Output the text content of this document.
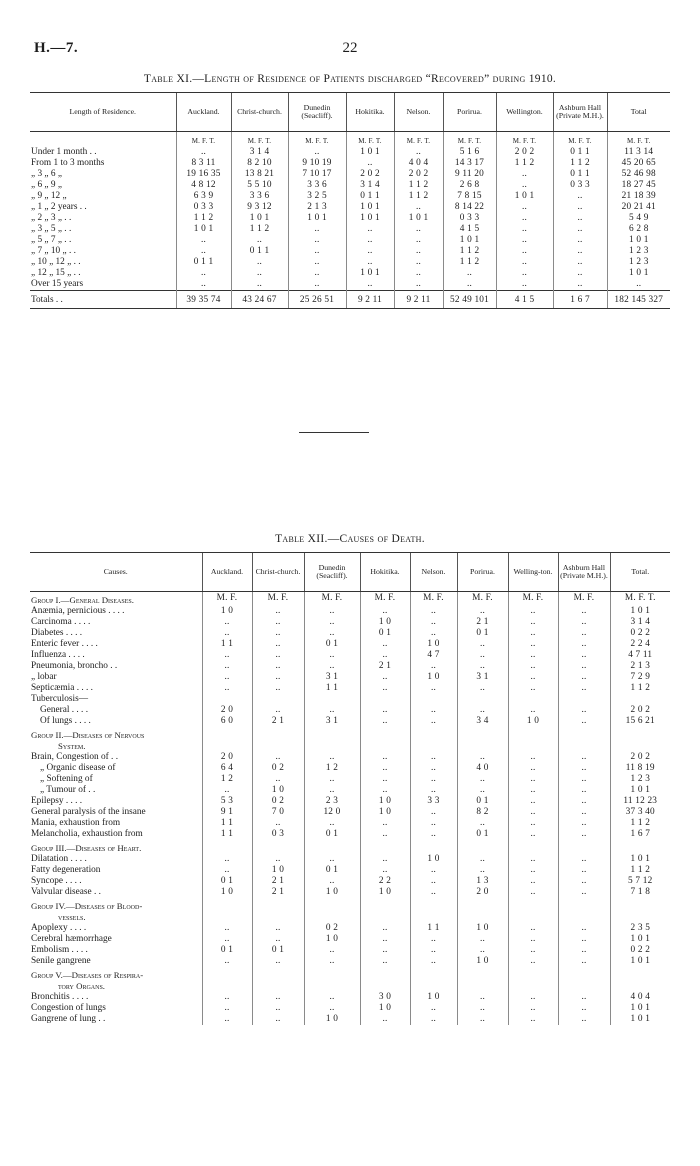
H.—7.	22
Table XI.—Length of Residence of Patients discharged “Recovered” during 1910.
Length of Residence.	Auckland.	Christ-church.	Dunedin (Seacliff).	Hokitika.	Nelson.	Porirua.	Wellington.	Ashburn Hall (Private M.H.).	Total
	M. F. T.	M. F. T.	M. F. T.	M. F. T.	M. F. T.	M. F. T.	M. F. T.	M. F. T.	M. F. T.
Under 1 month . .	..	3 1 4	..	1 0 1	..	5 1 6	2 0 2	0 1 1	11 3 14
From 1 to 3 months	8 3 11	8 2 10	9 10 19	..	4 0 4	14 3 17	1 1 2	1 1 2	45 20 65
„ 3 „ 6 „	19 16 35	13 8 21	7 10 17	2 0 2	2 0 2	9 11 20	..	0 1 1	52 46 98
„ 6 „ 9 „	4 8 12	5 5 10	3 3 6	3 1 4	1 1 2	2 6 8	..	0 3 3	18 27 45
„ 9 „ 12 „	6 3 9	3 3 6	3 2 5	0 1 1	1 1 2	7 8 15	1 0 1	..	21 18 39
„ 1 „ 2 years . .	0 3 3	9 3 12	2 1 3	1 0 1	..	8 14 22	..	..	20 21 41
„ 2 „ 3 „ . .	1 1 2	1 0 1	1 0 1	1 0 1	1 0 1	0 3 3	..	..	5 4 9
„ 3 „ 5 „ . .	1 0 1	1 1 2	..	..	..	4 1 5	..	..	6 2 8
„ 5 „ 7 „ . .	..	..	..	..	..	1 0 1	..	..	1 0 1
„ 7 „ 10 „ . .	..	0 1 1	..	..	..	1 1 2	..	..	1 2 3
„ 10 „ 12 „ . .	0 1 1	..	..	..	..	1 1 2	..	..	1 2 3
„ 12 „ 15 „ . .	..	..	..	1 0 1	..	..	..	..	1 0 1
Over 15 years	..	..	..	..	..	..	..	..	..
Totals . .	39 35 74	43 24 67	25 26 51	9 2 11	9 2 11	52 49 101	4 1 5	1 6 7	182 145 327
Table XII.—Causes of Death.
Causes.	Auckland.	Christ-church.	Dunedin (Seacliff).	Hokitika.	Nelson.	Porirua.	Welling-ton.	Ashburn Hall (Private M.H.).	Total.
Group I.—General Diseases.	M. F.	M. F.	M. F.	M. F.	M. F.	M. F.	M. F.	M. F.	M. F. T.
Anæmia, pernicious . . . .	1 0	..	..	..	..	..	..	..	1 0 1
Carcinoma . . . .	..	..	..	1 0	..	2 1	..	..	3 1 4
Diabetes . . . .	..	..	..	0 1	..	0 1	..	..	0 2 2
Enteric fever . . . .	1 1	..	0 1	..	1 0	..	..	..	2 2 4
Influenza . . . .	..	..	..	..	4 7	..	..	..	4 7 11
Pneumonia, broncho . .	..	..	..	2 1	..	..	..	..	2 1 3
„ lobar	..	..	3 1	..	1 0	3 1	..	..	7 2 9
Septicæmia . . . .	..	..	1 1	..	..	..	..	..	1 1 2
Tuberculosis—									
General . . . .	2 0	..	..	..	..	..	..	..	2 0 2
Of lungs . . . .	6 0	2 1	3 1	..	..	3 4	1 0	..	15 6 21
Group II.—Diseases of Nervous									
System.									
Brain, Congestion of . .	2 0	..	..	..	..	..	..	..	2 0 2
„ Organic disease of	6 4	0 2	1 2	..	..	4 0	..	..	11 8 19
„ Softening of	1 2	..	..	..	..	..	..	..	1 2 3
„ Tumour of . .	..	1 0	..	..	..	..	..	..	1 0 1
Epilepsy . . . .	5 3	0 2	2 3	1 0	3 3	0 1	..	..	11 12 23
General paralysis of the insane	9 1	7 0	12 0	1 0	..	8 2	..	..	37 3 40
Mania, exhaustion from	1 1	..	..	..	..	..	..	..	1 1 2
Melancholia, exhaustion from	1 1	0 3	0 1	..	..	0 1	..	..	1 6 7
Group III.—Diseases of Heart.									
Dilatation . . . .	..	..	..	..	1 0	..	..	..	1 0 1
Fatty degeneration	..	1 0	0 1	..	..	..	..	..	1 1 2
Syncope . . . .	0 1	2 1	..	2 2	..	1 3	..	..	5 7 12
Valvular disease . .	1 0	2 1	1 0	1 0	..	2 0	..	..	7 1 8
Group IV.—Diseases of Blood-									
vessels.									
Apoplexy . . . .	..	..	0 2	..	1 1	1 0	..	..	2 3 5
Cerebral hæmorrhage	..	..	1 0	..	..	..	..	..	1 0 1
Embolism . . . .	0 1	0 1	..	..	..	..	..	..	0 2 2
Senile gangrene	..	..	..	..	..	1 0	..	..	1 0 1
Group V.—Diseases of Respira-									
tory Organs.									
Bronchitis . . . .	..	..	..	3 0	1 0	..	..	..	4 0 4
Congestion of lungs	..	..	..	1 0	..	..	..	..	1 0 1
Gangrene of lung . .	..	..	1 0	..	..	..	..	..	1 0 1
